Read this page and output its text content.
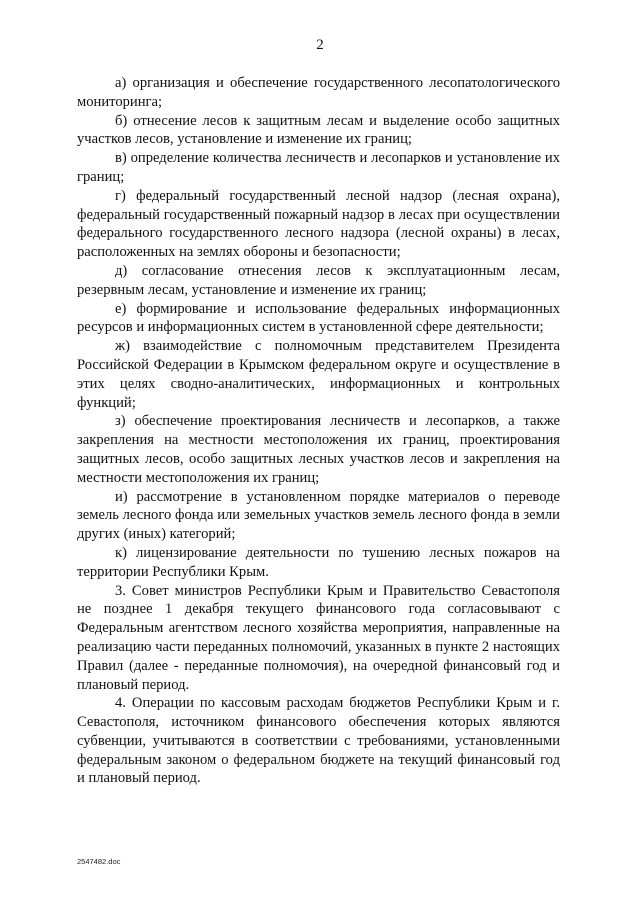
2

а) организация и обеспечение государственного лесопатологического мониторинга;

б) отнесение лесов к защитным лесам и выделение особо защитных участков лесов, установление и изменение их границ;

в) определение количества лесничеств и лесопарков и установление их границ;

г) федеральный государственный лесной надзор (лесная охрана), федеральный государственный пожарный надзор в лесах при осуществлении федерального государственного лесного надзора (лесной охраны) в лесах, расположенных на землях обороны и безопасности;

д) согласование отнесения лесов к эксплуатационным лесам, резервным лесам, установление и изменение их границ;

е) формирование и использование федеральных информационных ресурсов и информационных систем в установленной сфере деятельности;

ж) взаимодействие с полномочным представителем Президента Российской Федерации в Крымском федеральном округе и осуществление в этих целях сводно-аналитических, информационных и контрольных функций;

з) обеспечение проектирования лесничеств и лесопарков, а также закрепления на местности местоположения их границ, проектирования защитных лесов, особо защитных лесных участков лесов и закрепления на местности местоположения их границ;

и) рассмотрение в установленном порядке материалов о переводе земель лесного фонда или земельных участков земель лесного фонда в земли других (иных) категорий;

к) лицензирование деятельности по тушению лесных пожаров на территории Республики Крым.

3. Совет министров Республики Крым и Правительство Севастополя не позднее 1 декабря текущего финансового года согласовывают с Федеральным агентством лесного хозяйства мероприятия, направленные на реализацию части переданных полномочий, указанных в пункте 2 настоящих Правил (далее - переданные полномочия), на очередной финансовый год и плановый период.

4. Операции по кассовым расходам бюджетов Республики Крым и г. Севастополя, источником финансового обеспечения которых являются субвенции, учитываются в соответствии с требованиями, установленными федеральным законом о федеральном бюджете на текущий финансовый год и плановый период.

2547482.doc
